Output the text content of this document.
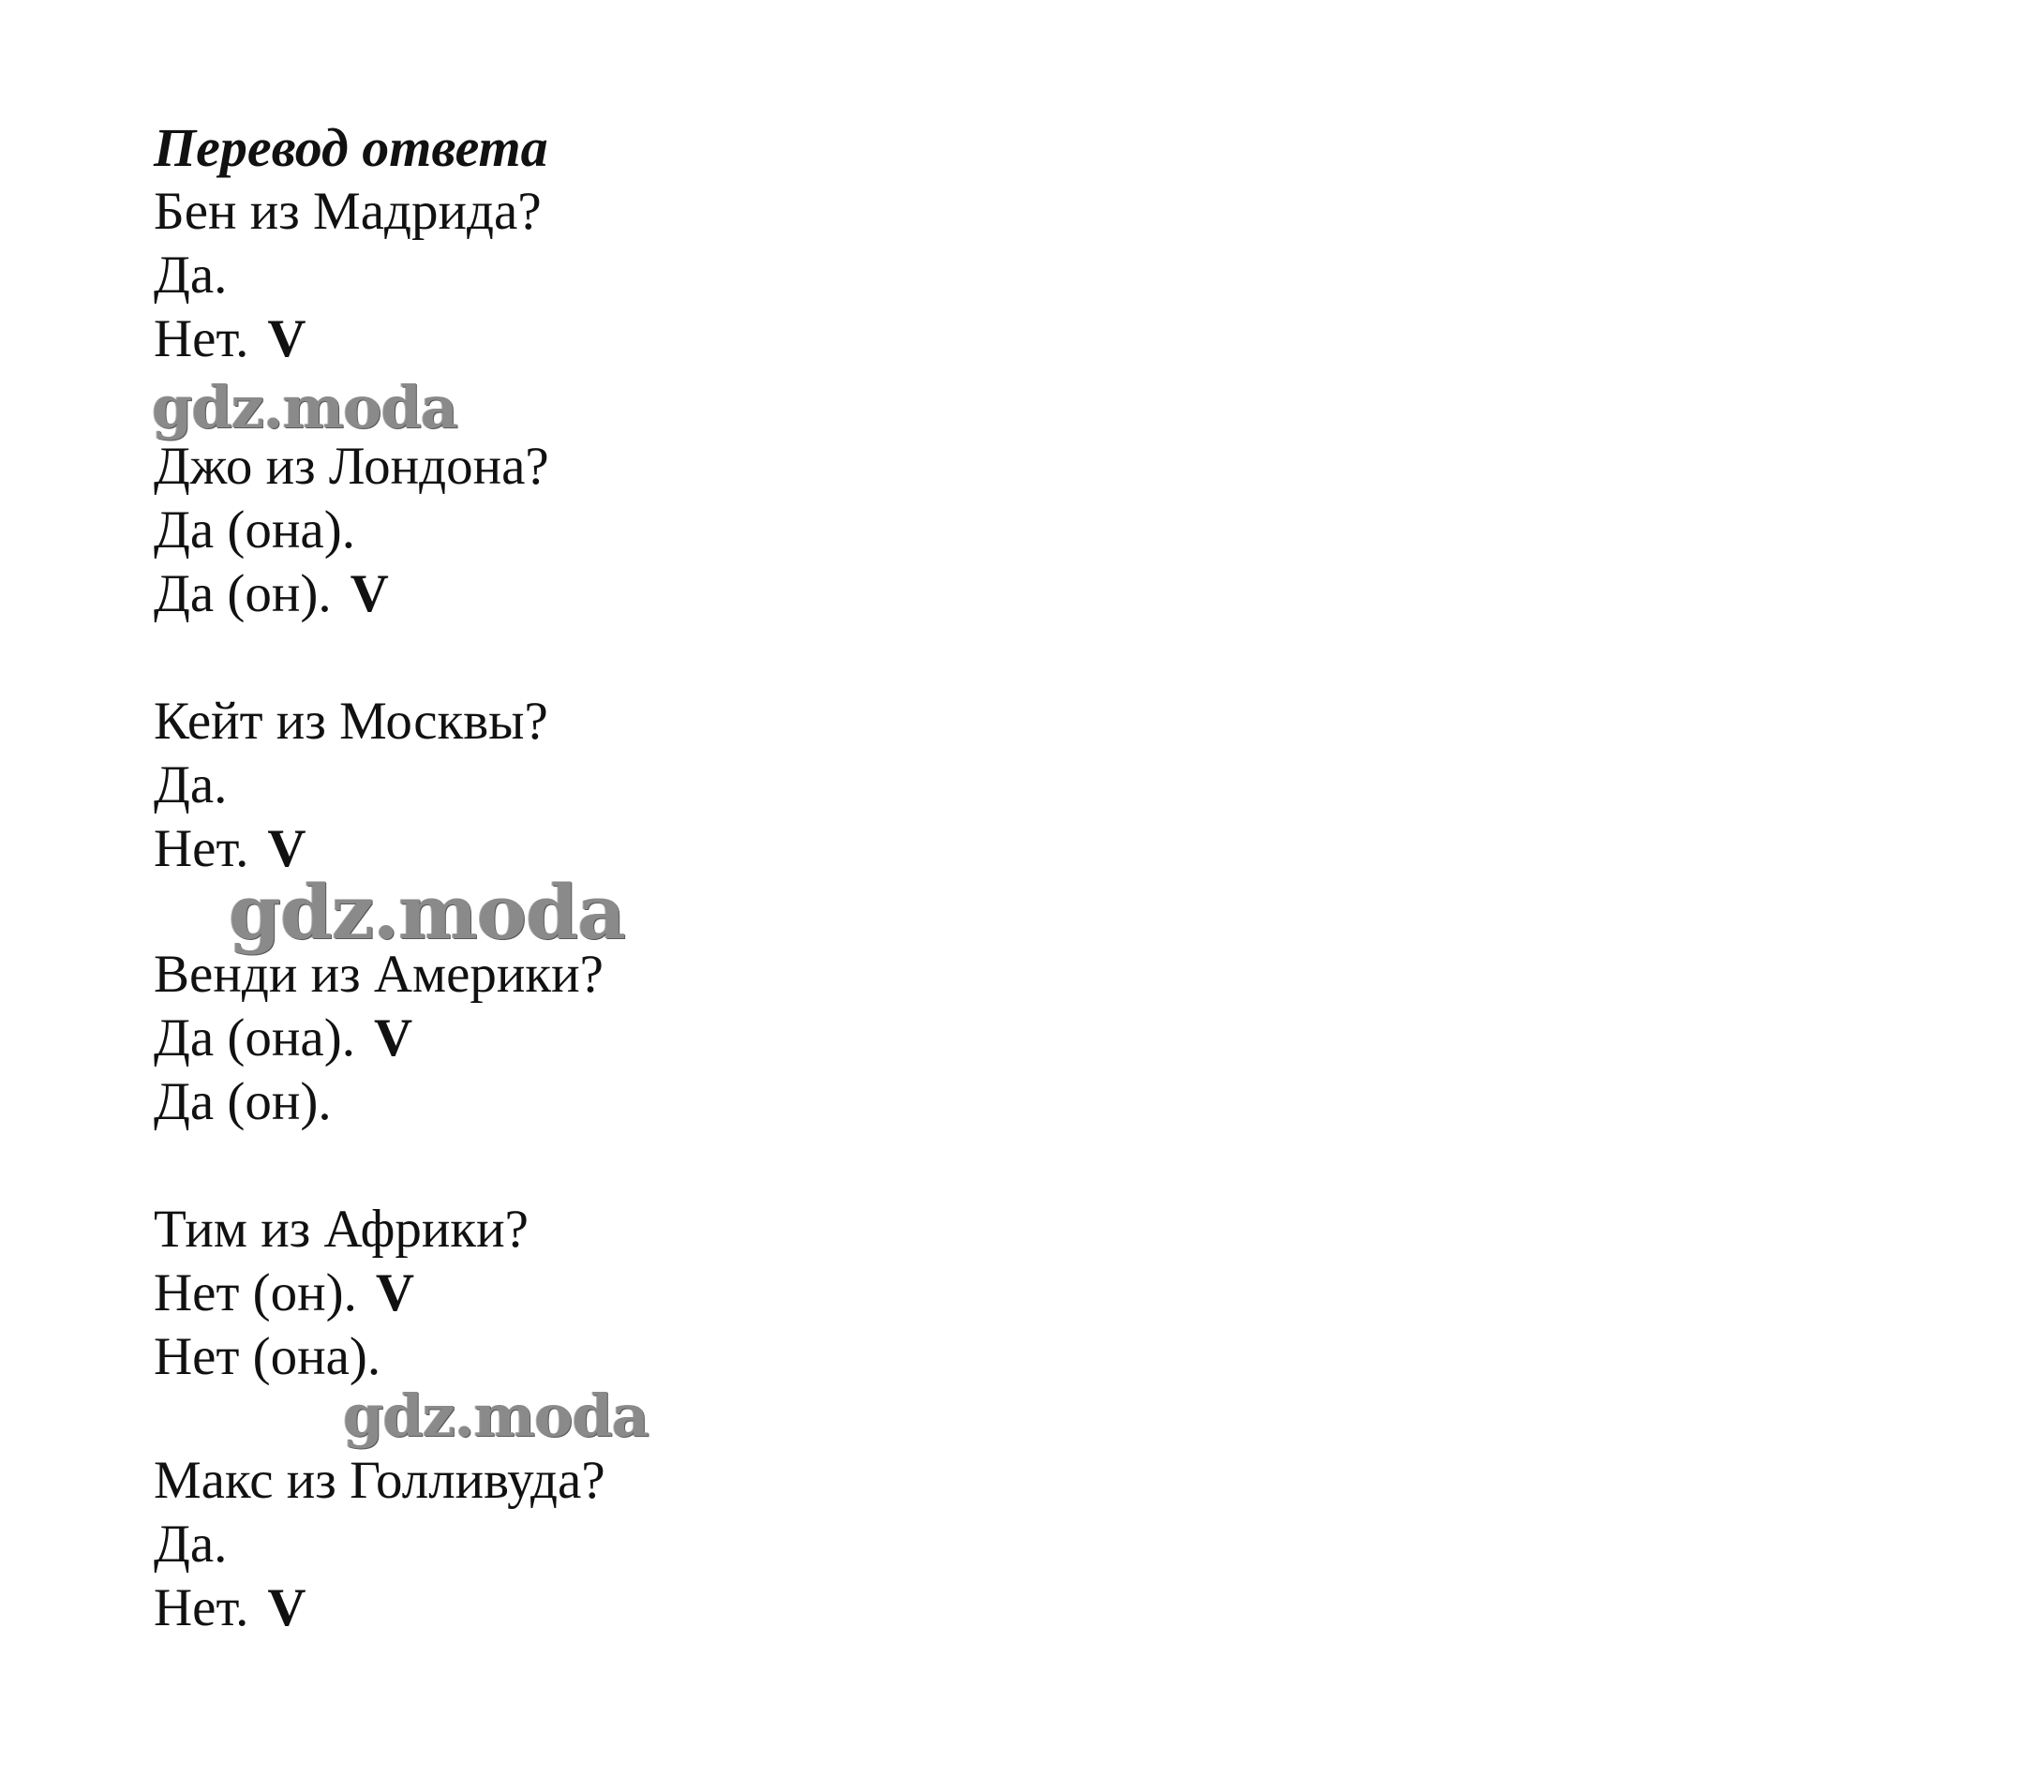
Перевод ответа
Бен из Мадрида?
Да.
Нет. V
gdz.moda
Джо из Лондона?
Да (она).
Да (он). V
Кейт из Москвы?
Да.
Нет. V
gdz.moda
Венди из Америки?
Да (она). V
Да (он).
Тим из Африки?
Нет (он). V
Нет (она).
gdz.moda
Макс из Голливуда?
Да.
Нет. V
